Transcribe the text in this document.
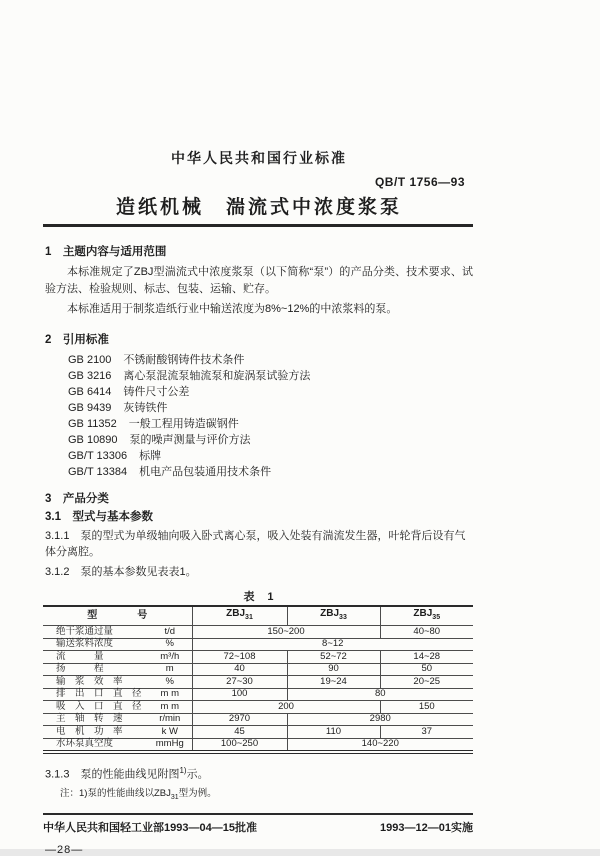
中华人民共和国行业标准
QB/T 1756—93
造纸机械　湍流式中浓度浆泵
1　主题内容与适用范围

本标准规定了ZBJ型湍流式中浓度浆泵（以下简称“泵”）的产品分类、技术要求、试验方法、检验规则、标志、包装、运输、贮存。

本标准适用于制浆造纸行业中输送浓度为8%~12%的中浓浆料的泵。

2　引用标准
GB 2100 不锈耐酸钢铸件技术条件
GB 3216 离心泵混流泵轴流泵和旋涡泵试验方法
GB 6414 铸件尺寸公差
GB 9439 灰铸铁件
GB 11352 一般工程用铸造碳钢件
GB 10890 泵的噪声测量与评价方法
GB/T 13306 标牌
GB/T 13384 机电产品包装通用技术条件
3　产品分类
3.1　型式与基本参数

3.1.1　泵的型式为单级轴向吸入卧式离心泵，吸入处装有湍流发生器，叶轮背后设有气体分离腔。

3.1.2　泵的基本参数见表表1。

表　1
型　　　　号		$ZBJ_{31}$	$ZBJ_{33}$	$ZBJ_{35}$
绝干浆通过量	t/d	150~200		40~80
输送浆料浓度	%	8~12		
流　　　量	m³/h	72~108	52~72	14~28
扬　　　程	m	40	90	50
输　浆　效　率	%	27~30	19~24	20~25
排　出　口　直　径	m m	100	80	
吸　入　口　直　径	m m	200		150
主　轴　转　速	r/min	2970	2980	
电　机　功　率	k W	45	110	37
水环泵真空度	mmHg	100~250	140~220	

3.1.3　泵的性能曲线见附图$^{1)}$示。

注：1)泵的性能曲线以$ZBJ_{31}$型为例。
中华人民共和国轻工业部1993—04—15批准	1993—12—01实施
—28—
